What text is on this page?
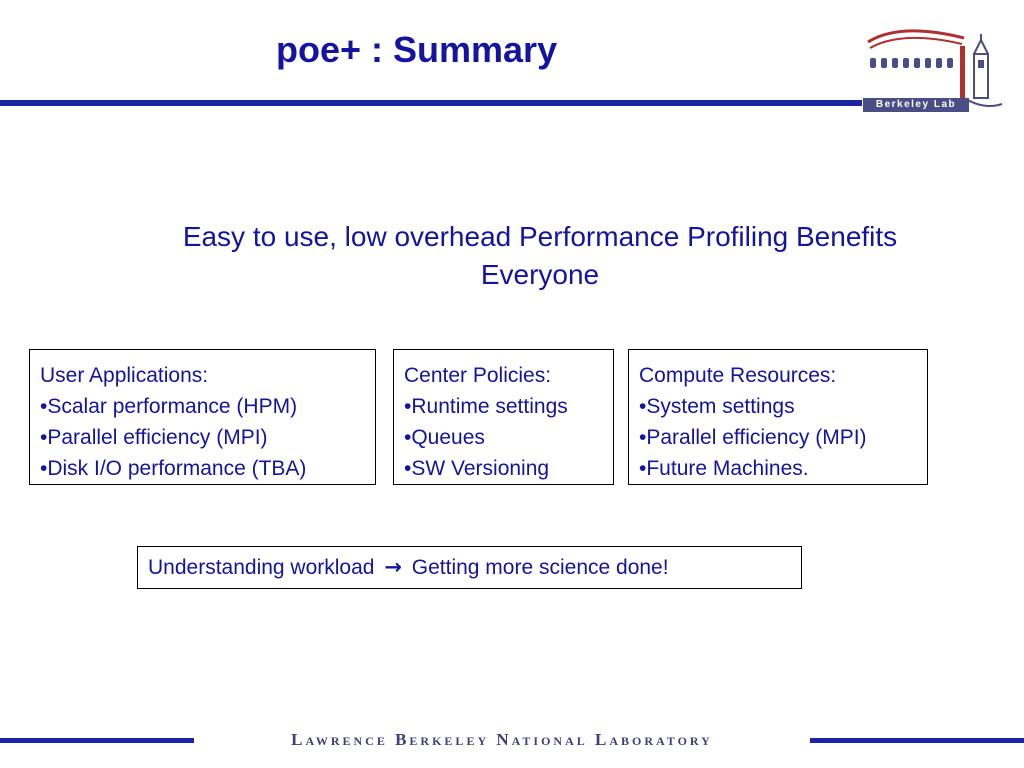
poe+ : Summary
Berkeley Lab
Easy to use, low overhead Performance Profiling Benefits Everyone
User Applications:
•Scalar performance (HPM)
•Parallel efficiency (MPI)
•Disk I/O performance (TBA)
Center Policies:
•Runtime settings
•Queues
•SW Versioning
Compute Resources:
•System settings
•Parallel efficiency (MPI)
•Future Machines.
Understanding workload → Getting more science done!
Lawrence Berkeley National Laboratory
